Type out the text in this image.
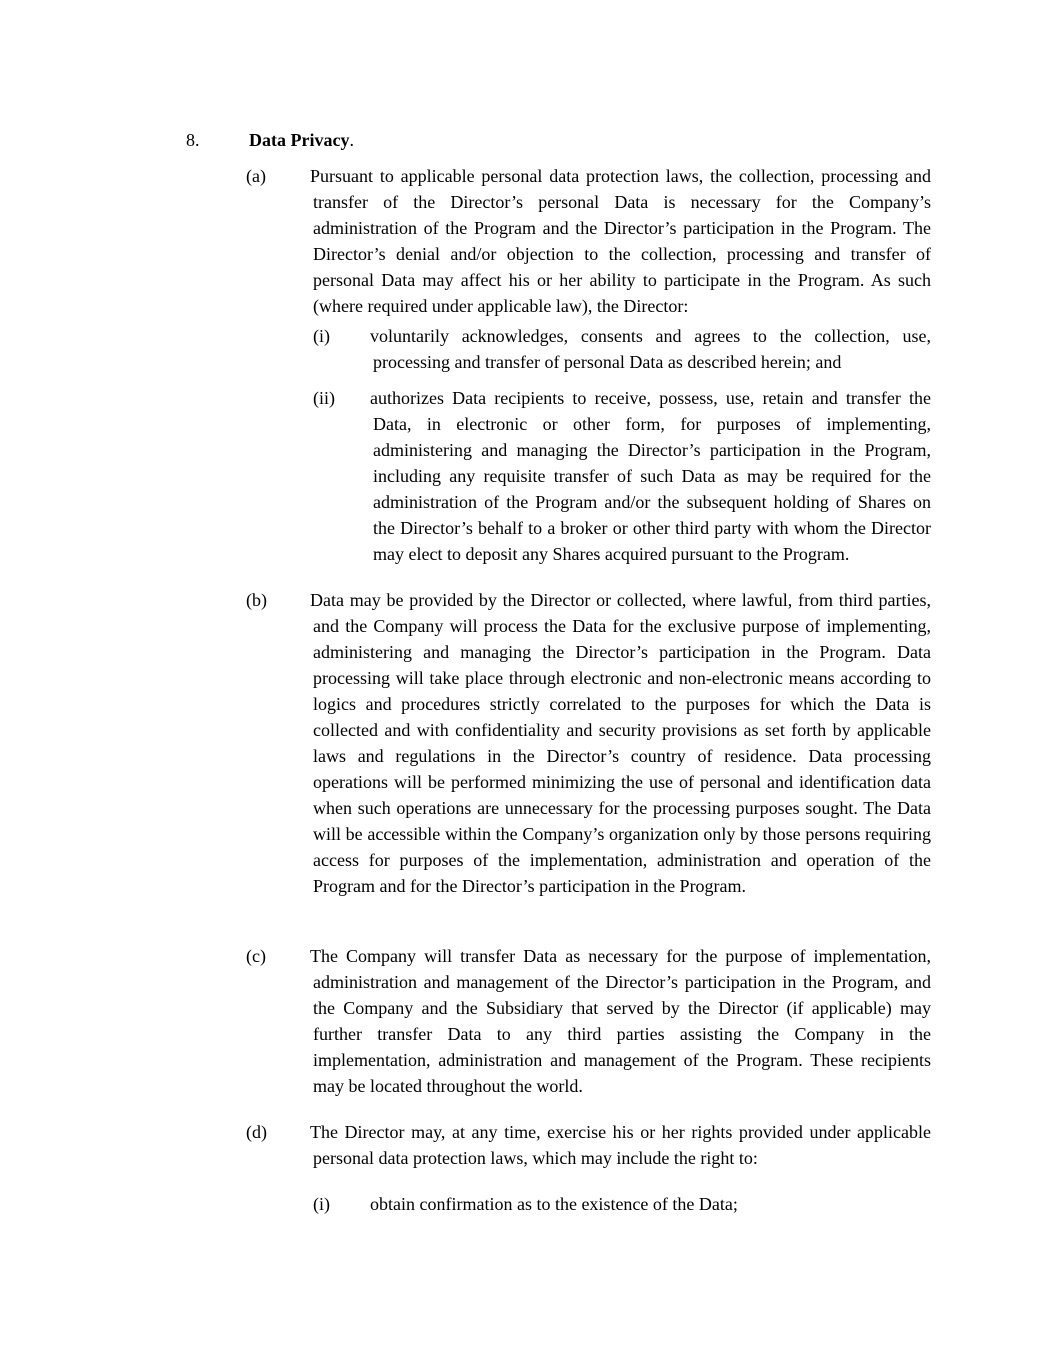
8.	Data Privacy.
(a) Pursuant to applicable personal data protection laws, the collection, processing and transfer of the Director’s personal Data is necessary for the Company’s administration of the Program and the Director’s participation in the Program. The Director’s denial and/or objection to the collection, processing and transfer of personal Data may affect his or her ability to participate in the Program. As such (where required under applicable law), the Director:
(i) voluntarily acknowledges, consents and agrees to the collection, use, processing and transfer of personal Data as described herein; and
(ii) authorizes Data recipients to receive, possess, use, retain and transfer the Data, in electronic or other form, for purposes of implementing, administering and managing the Director’s participation in the Program, including any requisite transfer of such Data as may be required for the administration of the Program and/or the subsequent holding of Shares on the Director’s behalf to a broker or other third party with whom the Director may elect to deposit any Shares acquired pursuant to the Program.
(b) Data may be provided by the Director or collected, where lawful, from third parties, and the Company will process the Data for the exclusive purpose of implementing, administering and managing the Director’s participation in the Program. Data processing will take place through electronic and non-electronic means according to logics and procedures strictly correlated to the purposes for which the Data is collected and with confidentiality and security provisions as set forth by applicable laws and regulations in the Director’s country of residence. Data processing operations will be performed minimizing the use of personal and identification data when such operations are unnecessary for the processing purposes sought. The Data will be accessible within the Company’s organization only by those persons requiring access for purposes of the implementation, administration and operation of the Program and for the Director’s participation in the Program.
(c) The Company will transfer Data as necessary for the purpose of implementation, administration and management of the Director’s participation in the Program, and the Company and the Subsidiary that served by the Director (if applicable) may further transfer Data to any third parties assisting the Company in the implementation, administration and management of the Program. These recipients may be located throughout the world.
(d) The Director may, at any time, exercise his or her rights provided under applicable personal data protection laws, which may include the right to:
(i) obtain confirmation as to the existence of the Data;
